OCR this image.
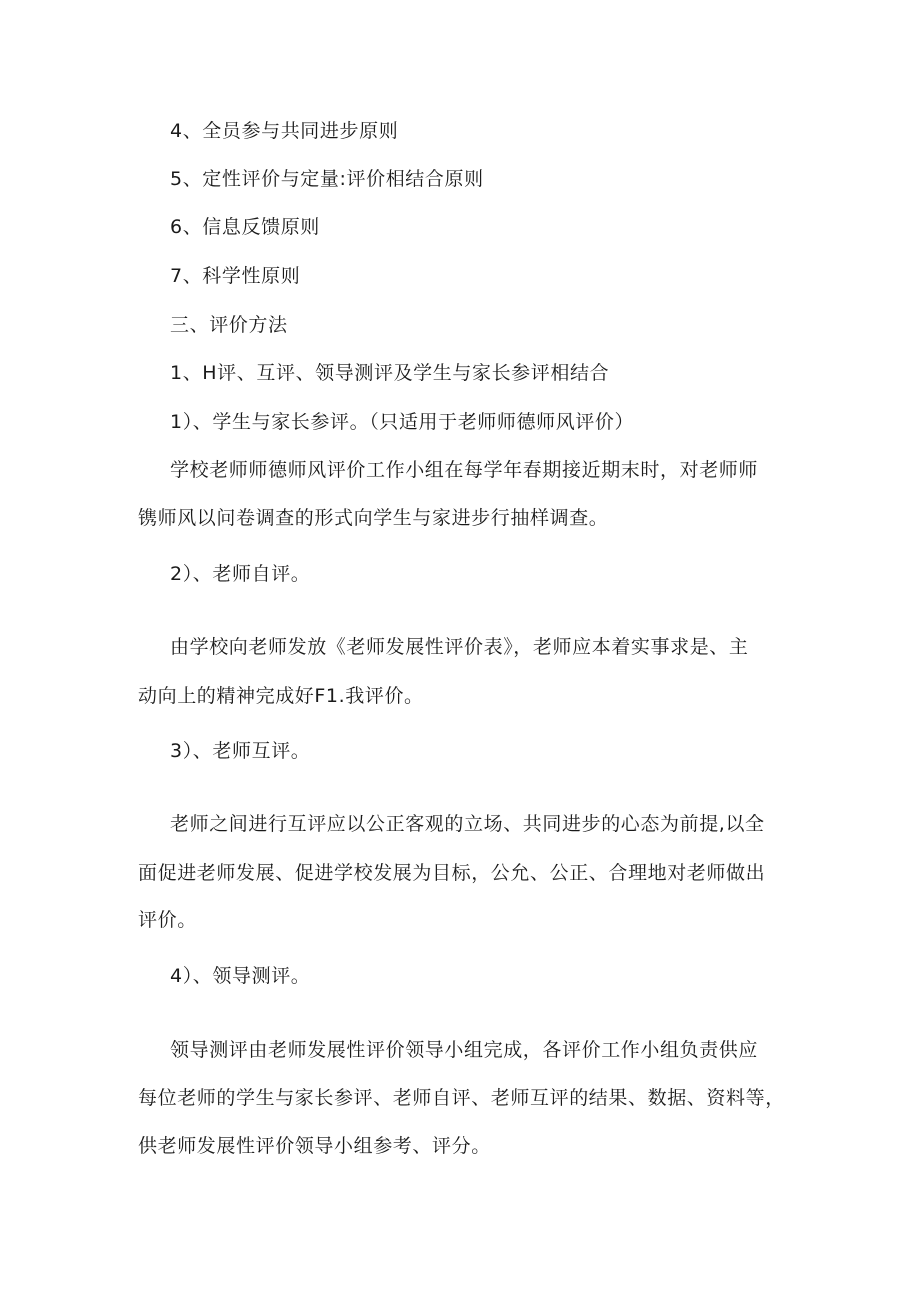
4、全员参与共同进步原则
5、定性评价与定量:评价相结合原则
6、信息反馈原则
7、科学性原则
三、评价方法
1、H评、互评、领导测评及学生与家长参评相结合
1）、学生与家长参评。（只适用于老师师德师风评价）
学校老师师德师风评价工作小组在每学年春期接近期末时，对老师师
镌师风以问卷调查的形式向学生与家进步行抽样调查。
2）、老师自评。
由学校向老师发放《老师发展性评价表》，老师应本着实事求是、主
动向上的精神完成好F1.我评价。
3）、老师互评。
老师之间进行互评应以公正客观的立场、共同进步的心态为前提,以全
面促进老师发展、促进学校发展为目标，公允、公正、合理地对老师做出
评价。
4）、领导测评。
领导测评由老师发展性评价领导小组完成，各评价工作小组负责供应
每位老师的学生与家长参评、老师自评、老师互评的结果、数据、资料等，
供老师发展性评价领导小组参考、评分。
